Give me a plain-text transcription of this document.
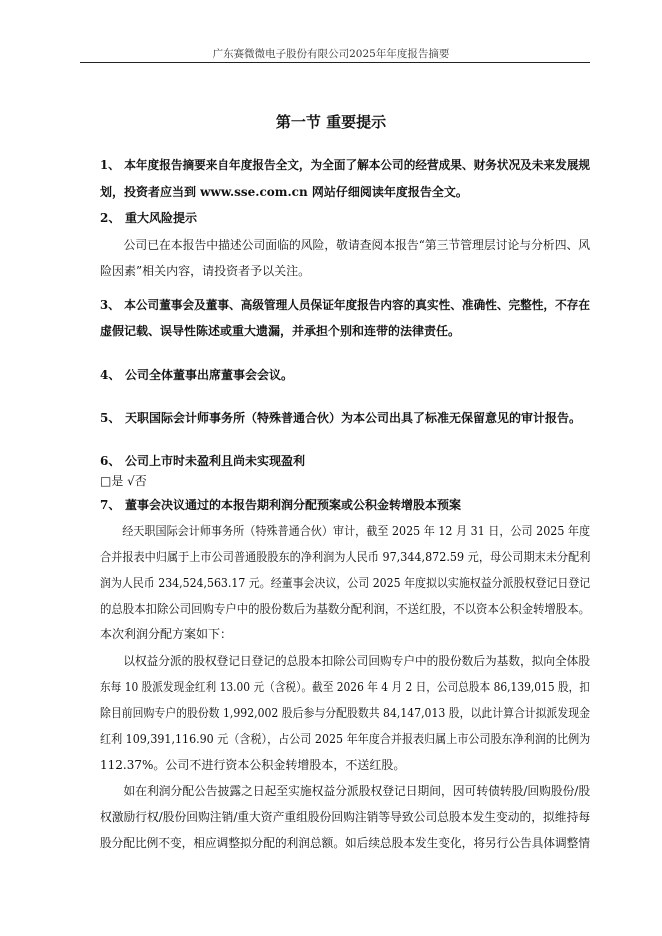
广东赛微微电子股份有限公司2025年年度报告摘要
第一节 重要提示
1、 本年度报告摘要来自年度报告全文，为全面了解本公司的经营成果、财务状况及未来发展规
划，投资者应当到 www.sse.com.cn 网站仔细阅读年度报告全文。
2、 重大风险提示
公司已在本报告中描述公司面临的风险，敬请查阅本报告“第三节管理层讨论与分析四、风
险因素”相关内容，请投资者予以关注。
3、 本公司董事会及董事、高级管理人员保证年度报告内容的真实性、准确性、完整性，不存在
虚假记载、误导性陈述或重大遗漏，并承担个别和连带的法律责任。
4、 公司全体董事出席董事会会议。
5、 天职国际会计师事务所（特殊普通合伙）为本公司出具了标准无保留意见的审计报告。
6、 公司上市时未盈利且尚未实现盈利
□是 √否
7、 董事会决议通过的本报告期利润分配预案或公积金转增股本预案
经天职国际会计师事务所（特殊普通合伙）审计，截至 2025 年 12 月 31 日，公司 2025 年度
合并报表中归属于上市公司普通股股东的净利润为人民币 97,344,872.59 元，母公司期末未分配利
润为人民币 234,524,563.17 元。经董事会决议，公司 2025 年度拟以实施权益分派股权登记日登记
的总股本扣除公司回购专户中的股份数后为基数分配利润，不送红股，不以资本公积金转增股本。
本次利润分配方案如下：
以权益分派的股权登记日登记的总股本扣除公司回购专户中的股份数后为基数，拟向全体股
东每 10 股派发现金红利 13.00 元（含税）。截至 2026 年 4 月 2 日，公司总股本 86,139,015 股，扣
除目前回购专户的股份数 1,992,002 股后参与分配股数共 84,147,013 股，以此计算合计拟派发现金
红利 109,391,116.90 元（含税），占公司 2025 年年度合并报表归属上市公司股东净利润的比例为
112.37%。公司不进行资本公积金转增股本，不送红股。
如在利润分配公告披露之日起至实施权益分派股权登记日期间，因可转债转股/回购股份/股
权激励行权/股份回购注销/重大资产重组股份回购注销等导致公司总股本发生变动的，拟维持每
股分配比例不变，相应调整拟分配的利润总额。如后续总股本发生变化，将另行公告具体调整情
